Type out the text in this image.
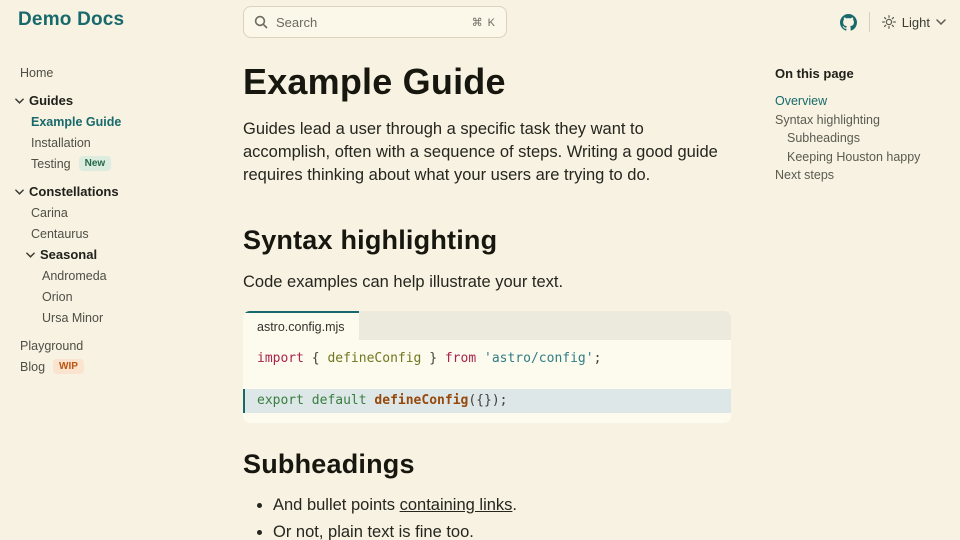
Demo Docs	Search	⌘ K	Light
Home
Guides
Example Guide
Installation
Testing	New
Constellations
Carina
Centaurus
Seasonal
Andromeda
Orion
Ursa Minor
Playground
Blog	WIP
Example Guide

Guides lead a user through a specific task they want to accomplish, often with a sequence of steps. Writing a good guide requires thinking about what your users are trying to do.

Syntax highlighting

Code examples can help illustrate your text.

astro.config.mjs
import { defineConfig } from 'astro/config';

export default defineConfig({});
Subheadings
• And bullet points containing links.
• Or not, plain text is fine too.
On this page
Overview
Syntax highlighting
Subheadings
Keeping Houston happy
Next steps
